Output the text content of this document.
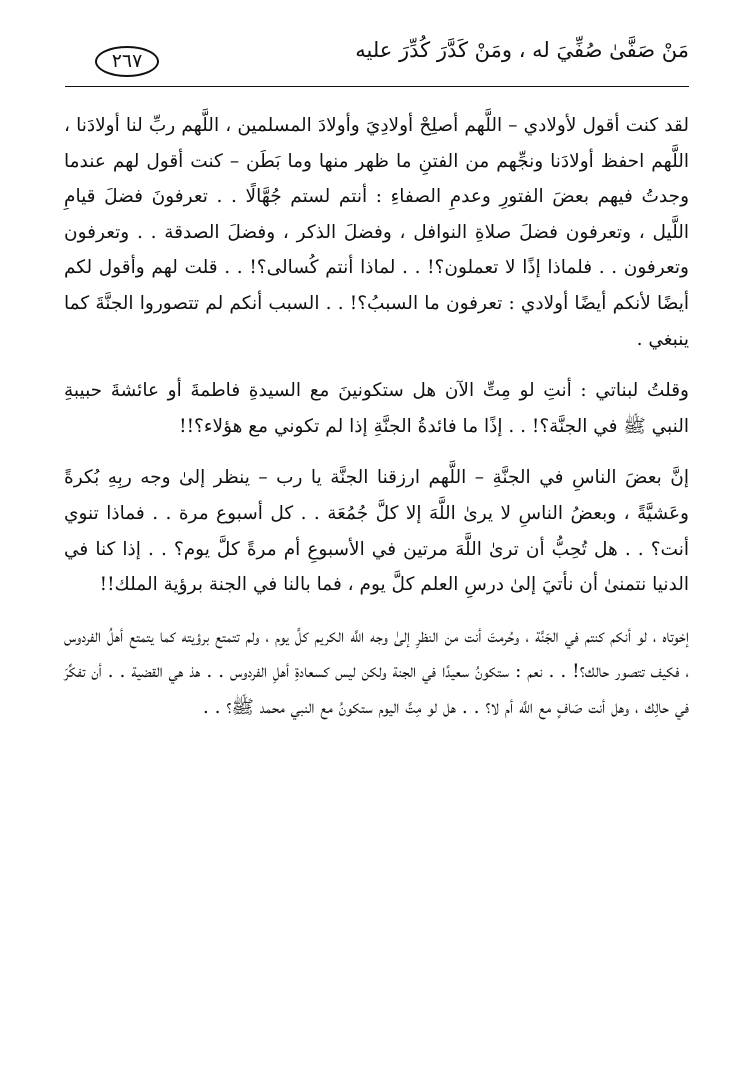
مَنْ صَفَّىٰ صُفِّيَ له ، ومَنْ كَدَّرَ كُدِّرَ عليه
٢٦٧

لقد كنت أقول لأولادي – اللَّهم أصلِحْ أولادِيَ وأولادَ المسلمين ، اللَّهم ربِّ لنا أولادَنا ، اللَّهم احفظ أولادَنا ونجِّهم من الفتنِ ما ظهر منها وما بَطَن – كنت أقول لهم عندما وجدتُ فيهم بعضَ الفتورِ وعدمِ الصفاءِ : أنتم لستم جُهَّالًا . . تعرفونَ فضلَ قيامِ اللَّيل ، وتعرفون فضلَ صلاةِ النوافل ، وفضلَ الذكر ، وفضلَ الصدقة . . وتعرفون وتعرفون . . فلماذا إذًا لا تعملون؟! . . لماذا أنتم كُسالى؟! . . قلت لهم وأقول لكم أيضًا لأنكم أيضًا أولادي : تعرفون ما السببُ؟! . . السبب أنكم لم تتصوروا الجنَّةَ كما ينبغي .

وقلتُ لبناتي : أنتِ لو مِتِّ الآن هل ستكونينَ مع السيدةِ فاطمةَ أو عائشةَ حبيبةِ النبي ﷺ في الجنَّة؟! . . إذًا ما فائدةُ الجنَّةِ إذا لم تكوني مع هؤلاء؟!!

إنَّ بعضَ الناسِ في الجنَّةِ – اللَّهم ارزقنا الجنَّة يا رب – ينظر إلىٰ وجه ربِهِ بُكرةً وعَشيَّةً ، وبعضُ الناسِ لا يرىٰ اللَّهَ إلا كلَّ جُمُعَة . . كل أسبوع مرة . . فماذا تنوي أنت؟ . . هل تُحِبُّ أن ترىٰ اللَّهَ مرتين في الأسبوعِ أم مرةً كلَّ يوم؟ . . إذا كنا في الدنيا نتمنىٰ أن نأتيَ إلىٰ درسِ العلم كلَّ يوم ، فما بالنا في الجنة برؤية الملك!!

إخوتاه ، لو أنكم كنتم في الجَنَّة ، وحُرمتَ أنت من النظرِ إلىٰ وجه اللَّه الكريم كلَّ يوم ، ولم تتمتع برؤيته كما يتمتع أهلُ الفردوس ، فكيف تتصور حالك؟! . . نعم : ستكونُ سعيدًا في الجنة ولكن ليس كسعادةِ أهلِ الفردوس . . هذ هي القضية . . أن تفكِّرَ في حالِك ، وهل أنت صَافٍ مع اللَّه أم لا؟ . . هل لو مِتَّ اليوم ستكونُ مع النبي محمد ﷺ؟ . .
